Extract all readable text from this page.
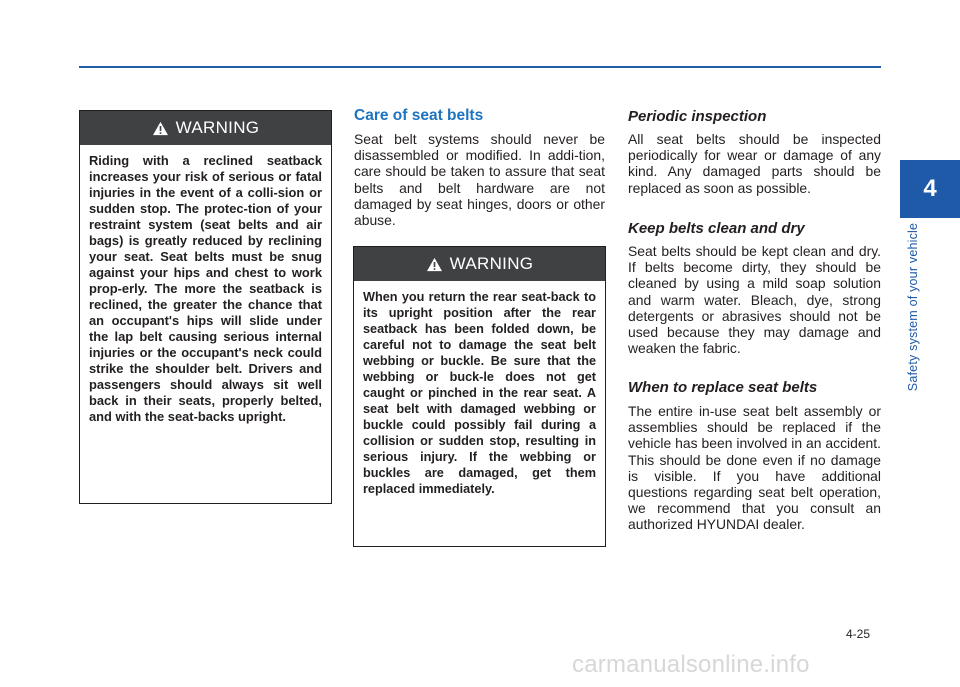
4
Safety system of your vehicle
WARNING
Riding with a reclined seatback increases your risk of serious or fatal injuries in the event of a colli-sion or sudden stop. The protec-tion of your restraint system (seat belts and air bags) is greatly reduced by reclining your seat. Seat belts must be snug against your hips and chest to work prop-erly. The more the seatback is reclined, the greater the chance that an occupant's hips will slide under the lap belt causing serious internal injuries or the occupant's neck could strike the shoulder belt. Drivers and passengers should always sit well back in their seats, properly belted, and with the seat-backs upright.
Care of seat belts
Seat belt systems should never be disassembled or modified. In addi-tion, care should be taken to assure that seat belts and belt hardware are not damaged by seat hinges, doors or other abuse.
WARNING
When you return the rear seat-back to its upright position after the rear seatback has been folded down, be careful not to damage the seat belt webbing or buckle. Be sure that the webbing or buck-le does not get caught or pinched in the rear seat. A seat belt with damaged webbing or buckle could possibly fail during a collision or sudden stop, resulting in serious injury. If the webbing or buckles are damaged, get them replaced immediately.
Periodic inspection
All seat belts should be inspected periodically for wear or damage of any kind. Any damaged parts should be replaced as soon as possible.
Keep belts clean and dry
Seat belts should be kept clean and dry. If belts become dirty, they should be cleaned by using a mild soap solution and warm water. Bleach, dye, strong detergents or abrasives should not be used because they may damage and weaken the fabric.
When to replace seat belts
The entire in-use seat belt assembly or assemblies should be replaced if the vehicle has been involved in an accident. This should be done even if no damage is visible. If you have additional questions regarding seat belt operation, we recommend that you consult an authorized HYUNDAI dealer.
4-25
carmanualsonline.info
